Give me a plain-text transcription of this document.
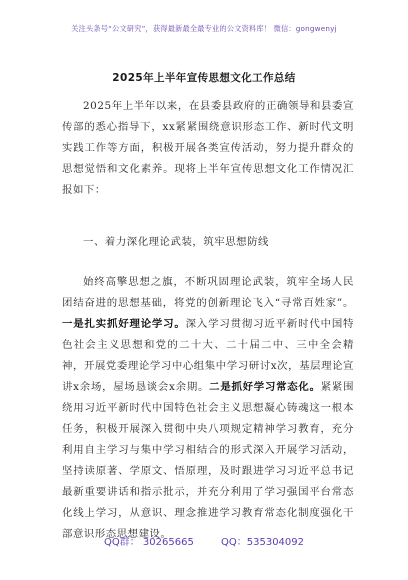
关注头条号“公文研究”，获得最新最全最专业的公文资料库！ 微信：gongwenyj
2025年上半年宣传思想文化工作总结
2025年上半年以来，在县委县政府的正确领导和县委宣传部的悉心指导下，xx紧紧围绕意识形态工作、新时代文明实践工作等方面，积极开展各类宣传活动，努力提升群众的思想觉悟和文化素养。现将上半年宣传思想文化工作情况汇报如下：
一、着力深化理论武装，筑牢思想防线
始终高擎思想之旗，不断巩固理论武装，筑牢全场人民团结奋进的思想基础，将党的创新理论飞入“寻常百姓家”。一是扎实抓好理论学习。深入学习贯彻习近平新时代中国特色社会主义思想和党的二十大、二十届二中、三中全会精神，开展党委理论学习中心组集中学习研讨x次，基层理论宣讲x余场，屋场恳谈会x余期。二是抓好学习常态化。紧紧围绕用习近平新时代中国特色社会主义思想凝心铸魂这一根本任务，积极开展深入贯彻中央八项规定精神学习教育，充分利用自主学习与集中学习相结合的形式深入开展学习活动，坚持读原著、学原文、悟原理，及时跟进学习习近平总书记最新重要讲话和指示批示，并充分利用了学习强国平台常态化线上学习，从意识、理念推进学习教育常态化制度强化干部意识形态思想建设。
QQ群： 30265665	QQ：535304092
